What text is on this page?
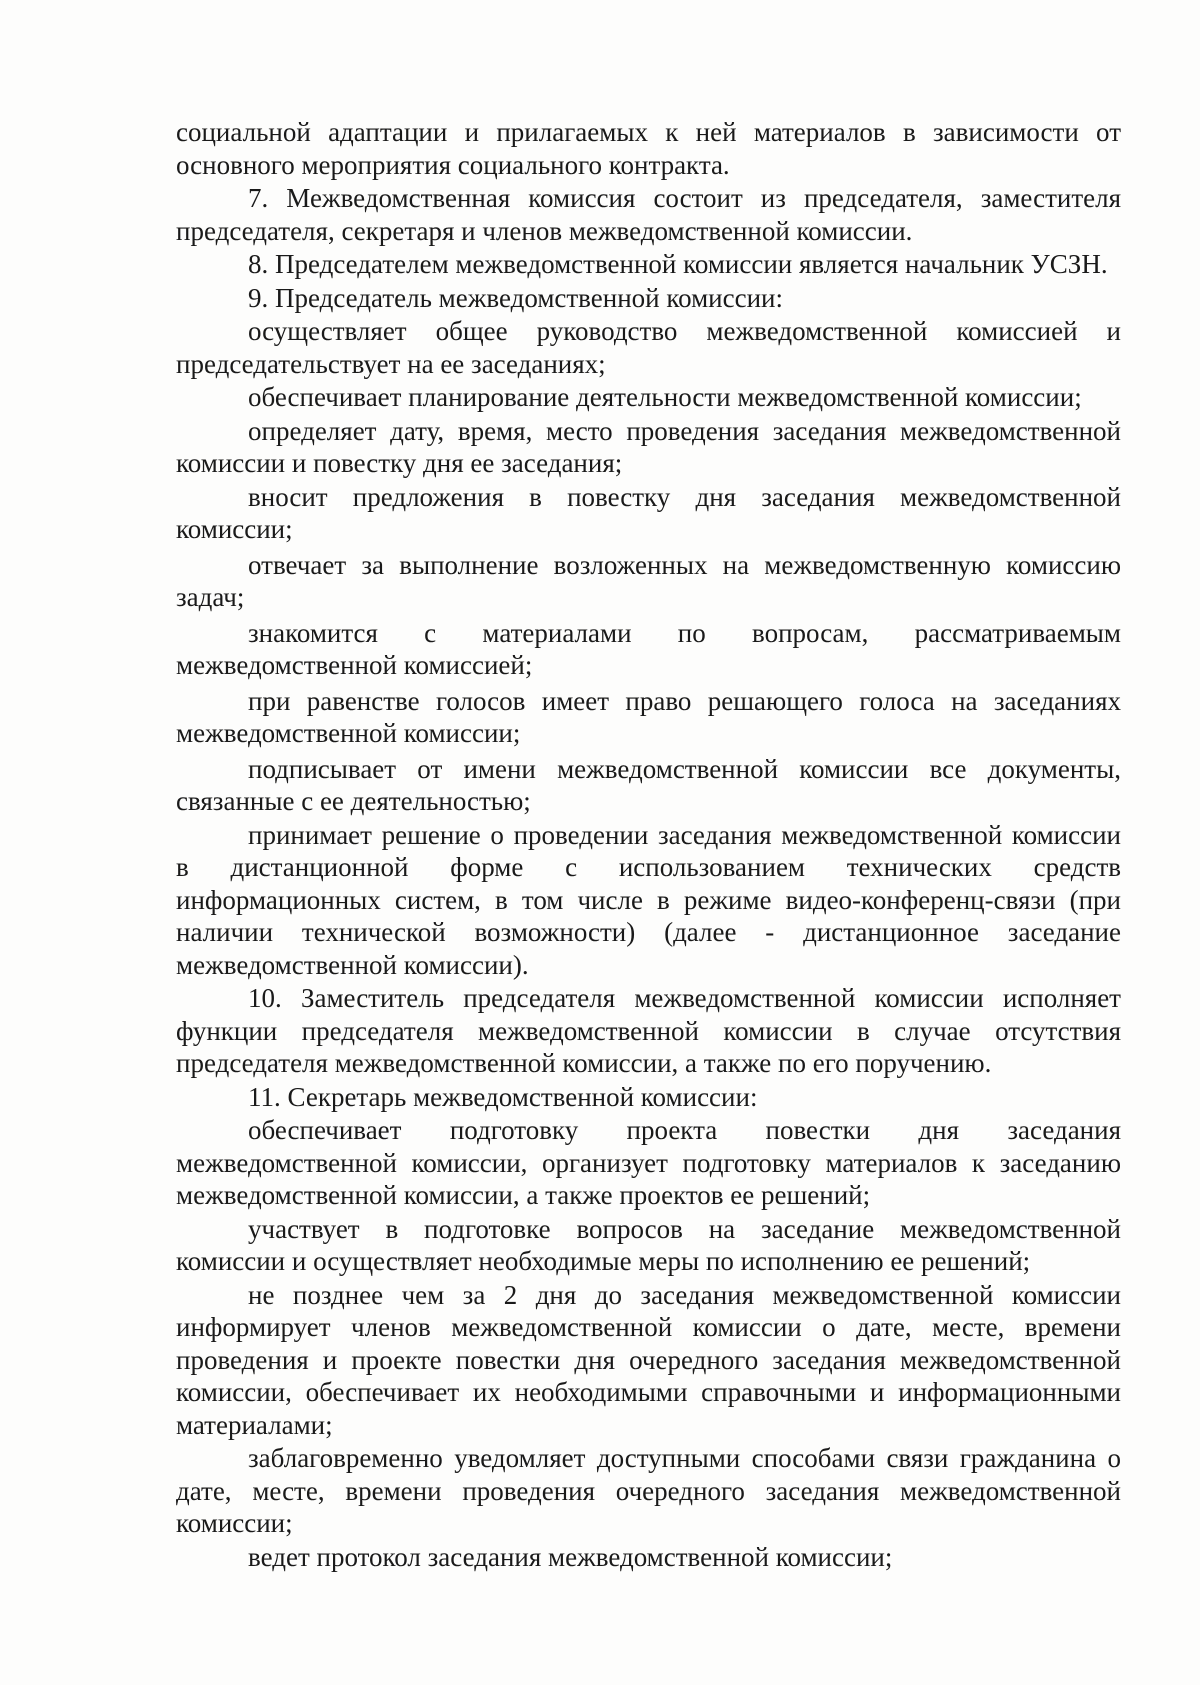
социальной адаптации и прилагаемых к ней материалов в зависимости от основного мероприятия социального контракта.

7. Межведомственная комиссия состоит из председателя, заместителя председателя, секретаря и членов межведомственной комиссии.

8. Председателем межведомственной комиссии является начальник УСЗН.

9. Председатель межведомственной комиссии:

осуществляет общее руководство межведомственной комиссией и председательствует на ее заседаниях;

обеспечивает планирование деятельности межведомственной комиссии;

определяет дату, время, место проведения заседания межведомственной комиссии и повестку дня ее заседания;

вносит предложения в повестку дня заседания межведомственной комиссии;

отвечает за выполнение возложенных на межведомственную комиссию задач;

знакомится с материалами по вопросам, рассматриваемым межведомственной комиссией;

при равенстве голосов имеет право решающего голоса на заседаниях межведомственной комиссии;

подписывает от имени межведомственной комиссии все документы, связанные с ее деятельностью;

принимает решение о проведении заседания межведомственной комиссии в дистанционной форме с использованием технических средств информационных систем, в том числе в режиме видео-конференц-связи (при наличии технической возможности) (далее - дистанционное заседание межведомственной комиссии).

10. Заместитель председателя межведомственной комиссии исполняет функции председателя межведомственной комиссии в случае отсутствия председателя межведомственной комиссии, а также по его поручению.

11. Секретарь межведомственной комиссии:

обеспечивает подготовку проекта повестки дня заседания межведомственной комиссии, организует подготовку материалов к заседанию межведомственной комиссии, а также проектов ее решений;

участвует в подготовке вопросов на заседание межведомственной комиссии и осуществляет необходимые меры по исполнению ее решений;

не позднее чем за 2 дня до заседания межведомственной комиссии информирует членов межведомственной комиссии о дате, месте, времени проведения и проекте повестки дня очередного заседания межведомственной комиссии, обеспечивает их необходимыми справочными и информационными материалами;

заблаговременно уведомляет доступными способами связи гражданина о дате, месте, времени проведения очередного заседания межведомственной комиссии;

ведет протокол заседания межведомственной комиссии;
